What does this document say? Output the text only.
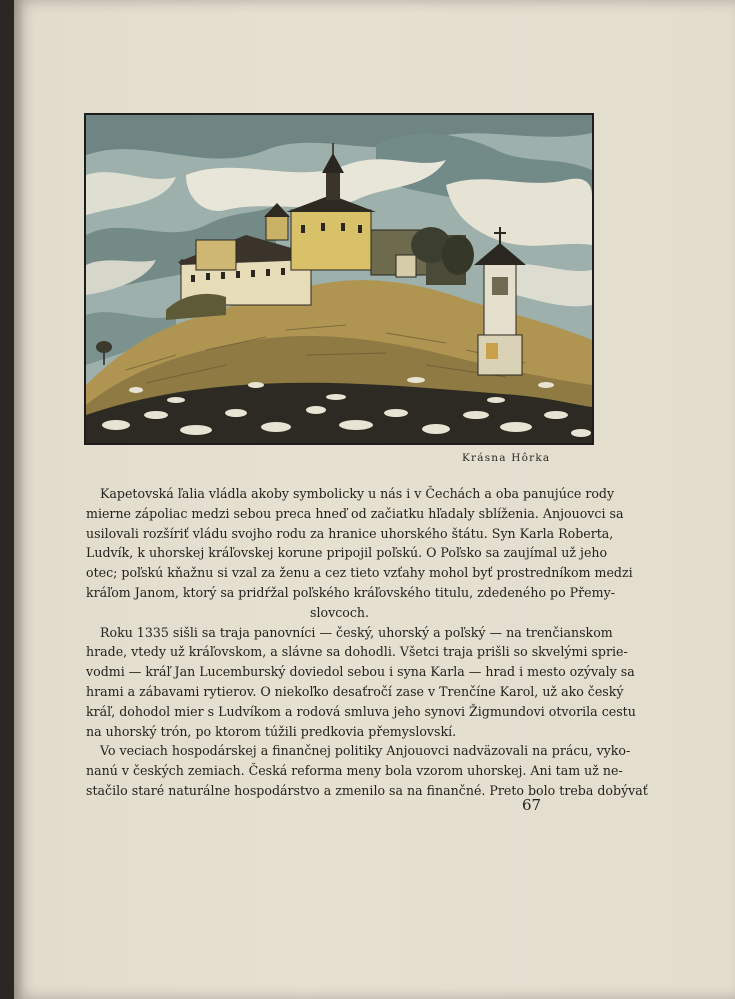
Krásna Hôrka

Kapetovská ľalia vládla akoby symbolicky u nás i v Čechách a oba panujúce rody
mierne zápoliac medzi sebou preca hneď od začiatku hľadaly sblíženia. Anjouovci sa
usilovali rozšíriť vládu svojho rodu za hranice uhorského štátu. Syn Karla Roberta,
Ludvík, k uhorskej kráľovskej korune pripojil poľskú. O Poľsko sa zaujímal už jeho
otec; poľskú kňažnu si vzal za ženu a cez tieto vzťahy mohol byť prostredníkom medzi
kráľom Janom, ktorý sa pridŕžal poľského kráľovského titulu, zdedeného po Přemy-
slovcoch.

Roku 1335 sišli sa traja panovníci — český, uhorský a poľský — na trenčianskom
hrade, vtedy už kráľovskom, a slávne sa dohodli. Všetci traja prišli so skvelými sprie-
vodmi — kráľ Jan Lucemburský doviedol sebou i syna Karla — hrad i mesto ozývaly sa
hrami a zábavami rytierov. O niekoľko desaťročí zase v Trenčíne Karol, už ako český
kráľ, dohodol mier s Ludvíkom a rodová smluva jeho synovi Žigmundovi otvorila cestu
na uhorský trón, po ktorom túžili predkovia přemyslovskí.

Vo veciach hospodárskej a finančnej politiky Anjouovci nadväzovali na prácu, vyko-
nanú v českých zemiach. Česká reforma meny bola vzorom uhorskej. Ani tam už ne-
stačilo staré naturálne hospodárstvo a zmenilo sa na finančné. Preto bolo treba dobývať

67
